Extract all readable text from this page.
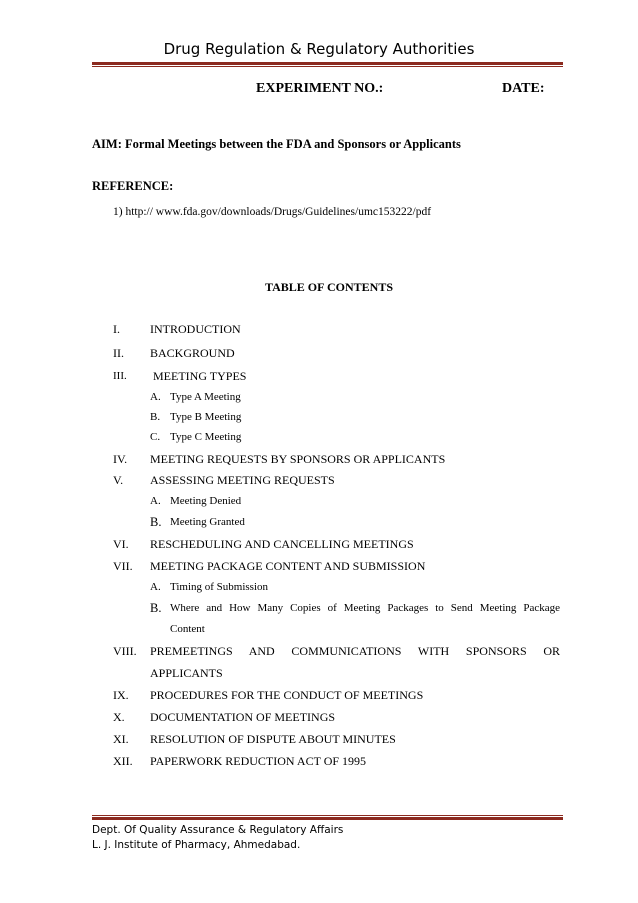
Drug Regulation & Regulatory Authorities
EXPERIMENT NO.:	DATE:
AIM: Formal Meetings between the FDA and Sponsors or Applicants
REFERENCE:
1) http:// www.fda.gov/downloads/Drugs/Guidelines/umc153222/pdf
TABLE OF CONTENTS
I.	INTRODUCTION
II. BACKGROUND
III. MEETING TYPES
A. Type A Meeting
B. Type B Meeting
C. Type C Meeting
IV. MEETING REQUESTS BY SPONSORS OR APPLICANTS
V. ASSESSING MEETING REQUESTS
A. Meeting Denied
B. Meeting Granted
VI. RESCHEDULING AND CANCELLING MEETINGS
VII. MEETING PACKAGE CONTENT AND SUBMISSION
A. Timing of Submission
B. Where and How Many Copies of Meeting Packages to Send Meeting Package
Content
VIII. PREMEETINGS AND COMMUNICATIONS WITH SPONSORS OR
APPLICANTS
IX. PROCEDURES FOR THE CONDUCT OF MEETINGS
X. DOCUMENTATION OF MEETINGS
XI. RESOLUTION OF DISPUTE ABOUT MINUTES
XII. PAPERWORK REDUCTION ACT OF 1995
Dept. Of Quality Assurance & Regulatory Affairs
L. J. Institute of Pharmacy, Ahmedabad.
